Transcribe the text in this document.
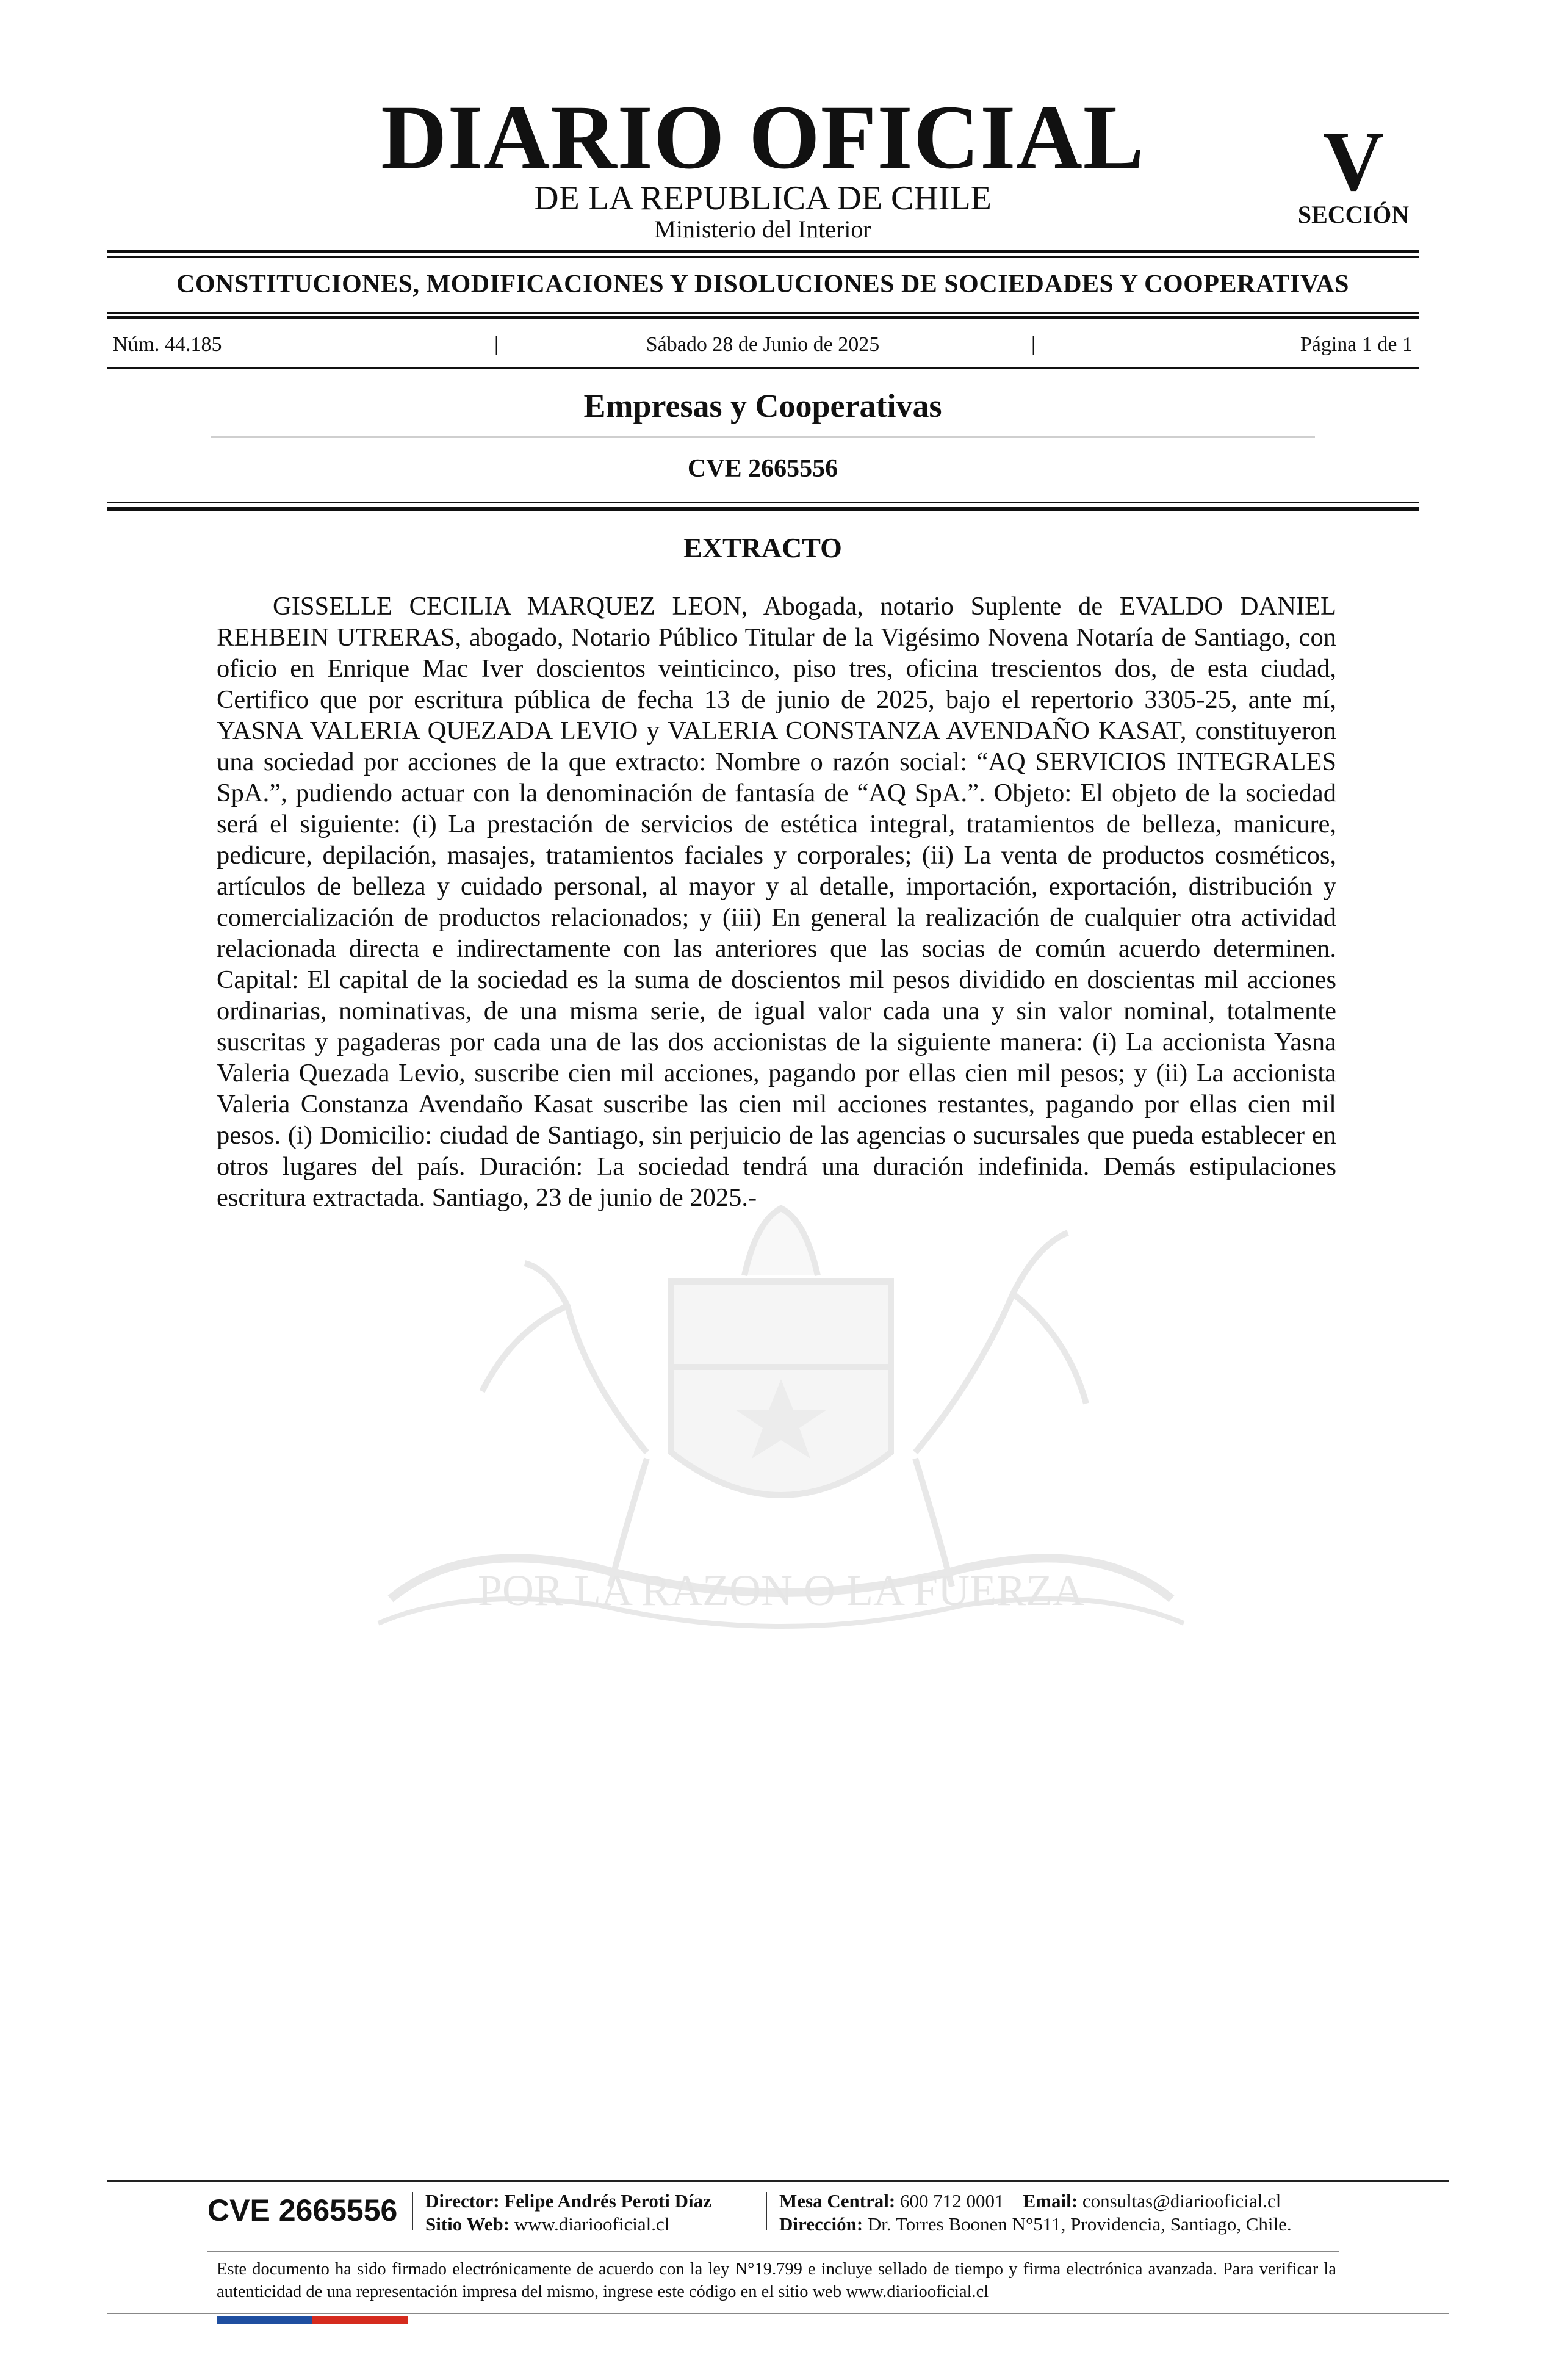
DIARIO OFICIAL
DE LA REPUBLICA DE CHILE
Ministerio del Interior
V
SECCIÓN
CONSTITUCIONES, MODIFICACIONES Y DISOLUCIONES DE SOCIEDADES Y COOPERATIVAS
Núm. 44.185	|	Sábado 28 de Junio de 2025	|	Página 1 de 1
Empresas y Cooperativas
CVE 2665556
POR LA RAZON O LA FUERZA
EXTRACTO
GISSELLE CECILIA MARQUEZ LEON, Abogada, notario Suplente de EVALDO DANIEL REHBEIN UTRERAS, abogado, Notario Público Titular de la Vigésimo Novena Notaría de Santiago, con oficio en Enrique Mac Iver doscientos veinticinco, piso tres, oficina trescientos dos, de esta ciudad, Certifico que por escritura pública de fecha 13 de junio de 2025, bajo el repertorio 3305-25, ante mí, YASNA VALERIA QUEZADA LEVIO y VALERIA CONSTANZA AVENDAÑO KASAT, constituyeron una sociedad por acciones de la que extracto: Nombre o razón social: “AQ SERVICIOS INTEGRALES SpA.”, pudiendo actuar con la denominación de fantasía de “AQ SpA.”. Objeto: El objeto de la sociedad será el siguiente: (i) La prestación de servicios de estética integral, tratamientos de belleza, manicure, pedicure, depilación, masajes, tratamientos faciales y corporales; (ii) La venta de productos cosméticos, artículos de belleza y cuidado personal, al mayor y al detalle, importación, exportación, distribución y comercialización de productos relacionados; y (iii) En general la realización de cualquier otra actividad relacionada directa e indirectamente con las anteriores que las socias de común acuerdo determinen. Capital: El capital de la sociedad es la suma de doscientos mil pesos dividido en doscientas mil acciones ordinarias, nominativas, de una misma serie, de igual valor cada una y sin valor nominal, totalmente suscritas y pagaderas por cada una de las dos accionistas de la siguiente manera: (i) La accionista Yasna Valeria Quezada Levio, suscribe cien mil acciones, pagando por ellas cien mil pesos; y (ii) La accionista Valeria Constanza Avendaño Kasat suscribe las cien mil acciones restantes, pagando por ellas cien mil pesos. (i) Domicilio: ciudad de Santiago, sin perjuicio de las agencias o sucursales que pueda establecer en otros lugares del país. Duración: La sociedad tendrá una duración indefinida. Demás estipulaciones escritura extractada. Santiago, 23 de junio de 2025.-
CVE 2665556 Director: Felipe Andrés Peroti Díaz
Sitio Web: www.diariooficial.cl
Mesa Central: 600 712 0001 Email: consultas@diariooficial.cl
Dirección: Dr. Torres Boonen N°511, Providencia, Santiago, Chile.
Este documento ha sido firmado electrónicamente de acuerdo con la ley N°19.799 e incluye sellado de tiempo y firma electrónica avanzada. Para verificar la autenticidad de una representación impresa del mismo, ingrese este código en el sitio web www.diariooficial.cl
